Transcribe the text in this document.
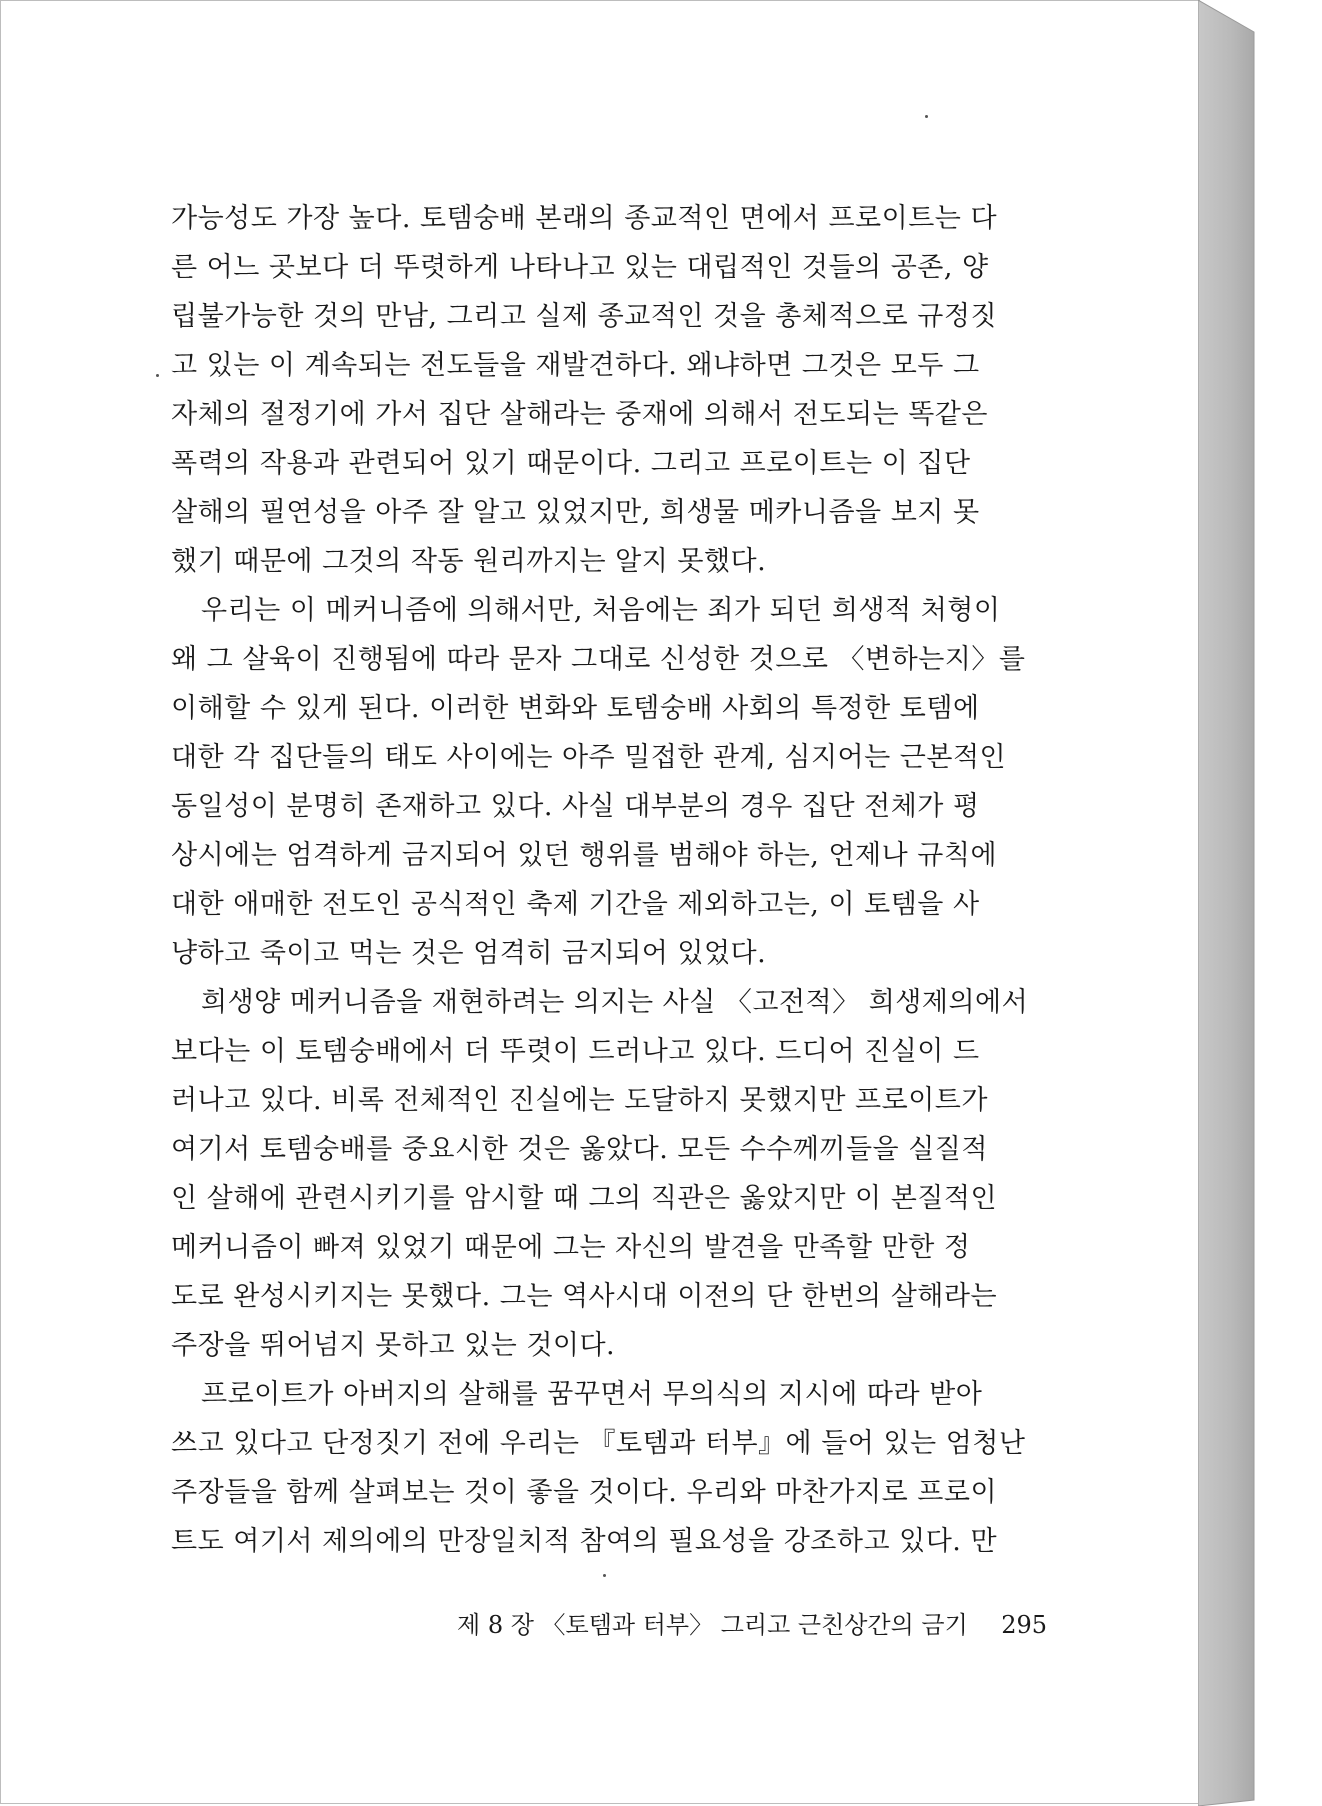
가능성도 가장 높다. 토템숭배 본래의 종교적인 면에서 프로이트는 다
른 어느 곳보다 더 뚜렷하게 나타나고 있는 대립적인 것들의 공존, 양
립불가능한 것의 만남, 그리고 실제 종교적인 것을 총체적으로 규정짓
고 있는 이 계속되는 전도들을 재발견하다. 왜냐하면 그것은 모두 그
자체의 절정기에 가서 집단 살해라는 중재에 의해서 전도되는 똑같은
폭력의 작용과 관련되어 있기 때문이다. 그리고 프로이트는 이 집단
살해의 필연성을 아주 잘 알고 있었지만, 희생물 메카니즘을 보지 못
했기 때문에 그것의 작동 원리까지는 알지 못했다.
우리는 이 메커니즘에 의해서만, 처음에는 죄가 되던 희생적 처형이
왜 그 살육이 진행됨에 따라 문자 그대로 신성한 것으로 〈변하는지〉를
이해할 수 있게 된다. 이러한 변화와 토템숭배 사회의 특정한 토템에
대한 각 집단들의 태도 사이에는 아주 밀접한 관계, 심지어는 근본적인
동일성이 분명히 존재하고 있다. 사실 대부분의 경우 집단 전체가 평
상시에는 엄격하게 금지되어 있던 행위를 범해야 하는, 언제나 규칙에
대한 애매한 전도인 공식적인 축제 기간을 제외하고는, 이 토템을 사
냥하고 죽이고 먹는 것은 엄격히 금지되어 있었다.
희생양 메커니즘을 재현하려는 의지는 사실 〈고전적〉 희생제의에서
보다는 이 토템숭배에서 더 뚜렷이 드러나고 있다. 드디어 진실이 드
러나고 있다. 비록 전체적인 진실에는 도달하지 못했지만 프로이트가
여기서 토템숭배를 중요시한 것은 옳았다. 모든 수수께끼들을 실질적
인 살해에 관련시키기를 암시할 때 그의 직관은 옳았지만 이 본질적인
메커니즘이 빠져 있었기 때문에 그는 자신의 발견을 만족할 만한 정
도로 완성시키지는 못했다. 그는 역사시대 이전의 단 한번의 살해라는
주장을 뛰어넘지 못하고 있는 것이다.
프로이트가 아버지의 살해를 꿈꾸면서 무의식의 지시에 따라 받아
쓰고 있다고 단정짓기 전에 우리는 『토템과 터부』에 들어 있는 엄청난
주장들을 함께 살펴보는 것이 좋을 것이다. 우리와 마찬가지로 프로이
트도 여기서 제의에의 만장일치적 참여의 필요성을 강조하고 있다. 만
제 8 장 〈토템과 터부〉 그리고 근친상간의 금기 295
